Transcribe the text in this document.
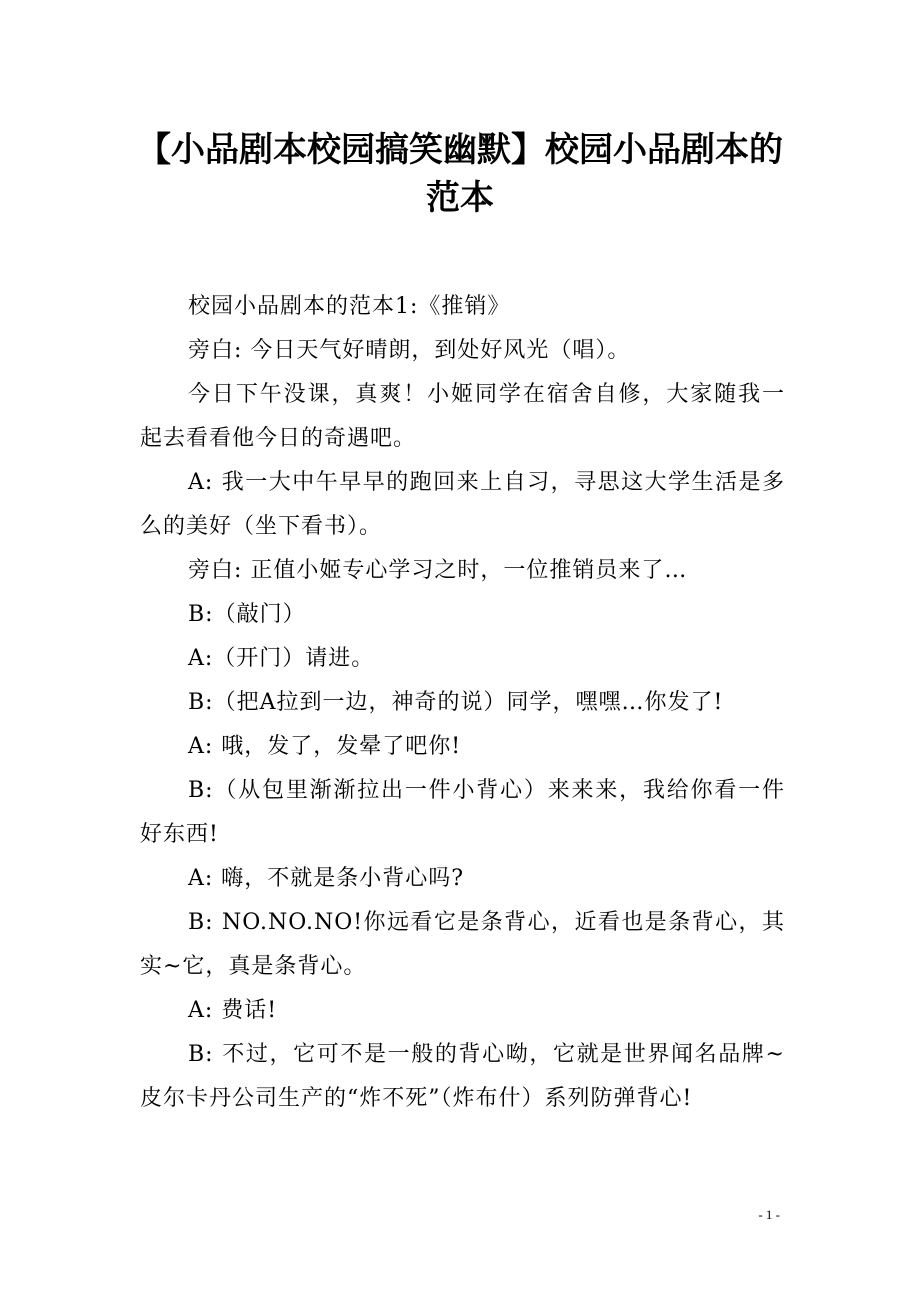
【小品剧本校园搞笑幽默】校园小品剧本的
范本

校园小品剧本的范本1:《推销》

旁白: 今日天气好晴朗，到处好风光（唱）。

今日下午没课，真爽！小姬同学在宿舍自修，大家随我一起去看看他今日的奇遇吧。

A: 我一大中午早早的跑回来上自习，寻思这大学生活是多么的美好（坐下看书）。

旁白: 正值小姬专心学习之时，一位推销员来了…

B:（敲门）

A:（开门）请进。

B:（把A拉到一边，神奇的说）同学，嘿嘿…你发了!

A: 哦，发了，发晕了吧你!

B:（从包里渐渐拉出一件小背心）来来来，我给你看一件好东西!

A: 嗨，不就是条小背心吗?

B: NO.NO.NO!你远看它是条背心，近看也是条背心，其实~它，真是条背心。

A: 费话!

B: 不过，它可不是一般的背心呦，它就是世界闻名品牌~皮尔卡丹公司生产的“炸不死”（炸布什）系列防弹背心!

- 1 -
